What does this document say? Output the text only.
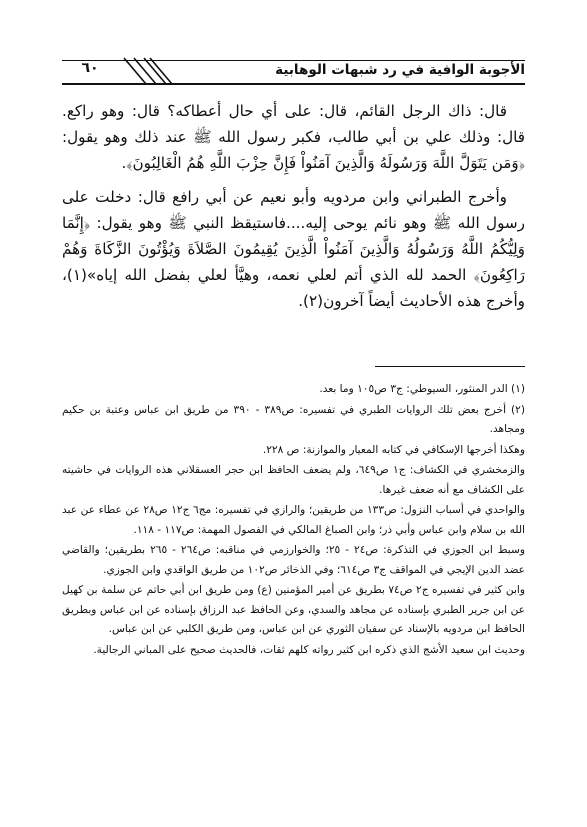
٦٠	الأجوبة الوافية في رد شبهات الوهابية

قال: ذاك الرجل القائم، قال: على أي حال أعطاكه؟ قال: وهو راكع. قال: وذلك علي بن أبي طالب، فكبر رسول الله ﷺ عند ذلك وهو يقول: ﴿وَمَن يَتَوَلَّ اللَّهَ وَرَسُولَهُ وَالَّذِينَ آمَنُواْ فَإِنَّ حِزْبَ اللَّهِ هُمُ الْغَالِبُونَ﴾.

وأخرج الطبراني وابن مردويه وأبو نعيم عن أبي رافع قال: دخلت على رسول الله ﷺ وهو نائم يوحى إليه....فاستيقظ النبي ﷺ وهو يقول: ﴿إِنَّمَا وَلِيُّكُمُ اللَّهُ وَرَسُولُهُ وَالَّذِينَ آمَنُواْ الَّذِينَ يُقِيمُونَ الصَّلاَةَ وَيُؤْتُونَ الزَّكَاةَ وَهُمْ رَاكِعُونَ﴾ الحمد لله الذي أتم لعلي نعمه، وهيَّأ لعلي بفضل الله إياه»(١)، وأخرج هذه الأحاديث أيضاً آخرون(٢).

(١) الدر المنثور، السيوطي: ج٣ ص١٠٥ وما بعد.
(٢) أخرج بعض تلك الروايات الطبري في تفسيره: ص٣٨٩ - ٣٩٠ من طريق ابن عباس وعتبة بن حكيم ومجاهد.
وهكذا أخرجها الإسكافي في كتابه المعيار والموازنة: ص ٢٢٨.
والزمخشري في الكشاف: ج١ ص٦٤٩، ولم يضعف الحافظ ابن حجر العسقلاني هذه الروايات في حاشيته على الكشاف مع أنه ضعف غيرها.
والواحدي في أسباب النزول: ص١٣٣ من طريقين؛ والرازي في تفسيره: مج٦ ج١٢ ص٢٨ عن عطاء عن عبد الله بن سلام وابن عباس وأبي ذر؛ وابن الصباغ المالكي في الفصول المهمة: ص١١٧ - ١١٨.
وسبط ابن الجوزي في التذكرة: ص٢٤ - ٢٥؛ والخوارزمي في مناقبه: ص٢٦٤ - ٢٦٥ بطريقين؛ والقاضي عضد الدين الإيجي في المواقف ج٣ ص٦١٤؛ وفي الذخائر ص١٠٢ من طريق الواقدي وابن الجوزي.
وابن كثير في تفسيره ج٢ ص٧٤ بطريق عن أمير المؤمنين (ع) ومن طريق ابن أبي حاتم عن سلمة بن كهيل عن ابن جرير الطبري بإسناده عن مجاهد والسدي، وعن الحافظ عبد الرزاق بإسناده عن ابن عباس وبطريق الحافظ ابن مردويه بالإسناد عن سفيان الثوري عن ابن عباس، ومن طريق الكلبي عن ابن عباس.
وحديث ابن سعيد الأشج الذي ذكره ابن كثير رواته كلهم ثقات، فالحديث صحيح على المباني الرجالية.
